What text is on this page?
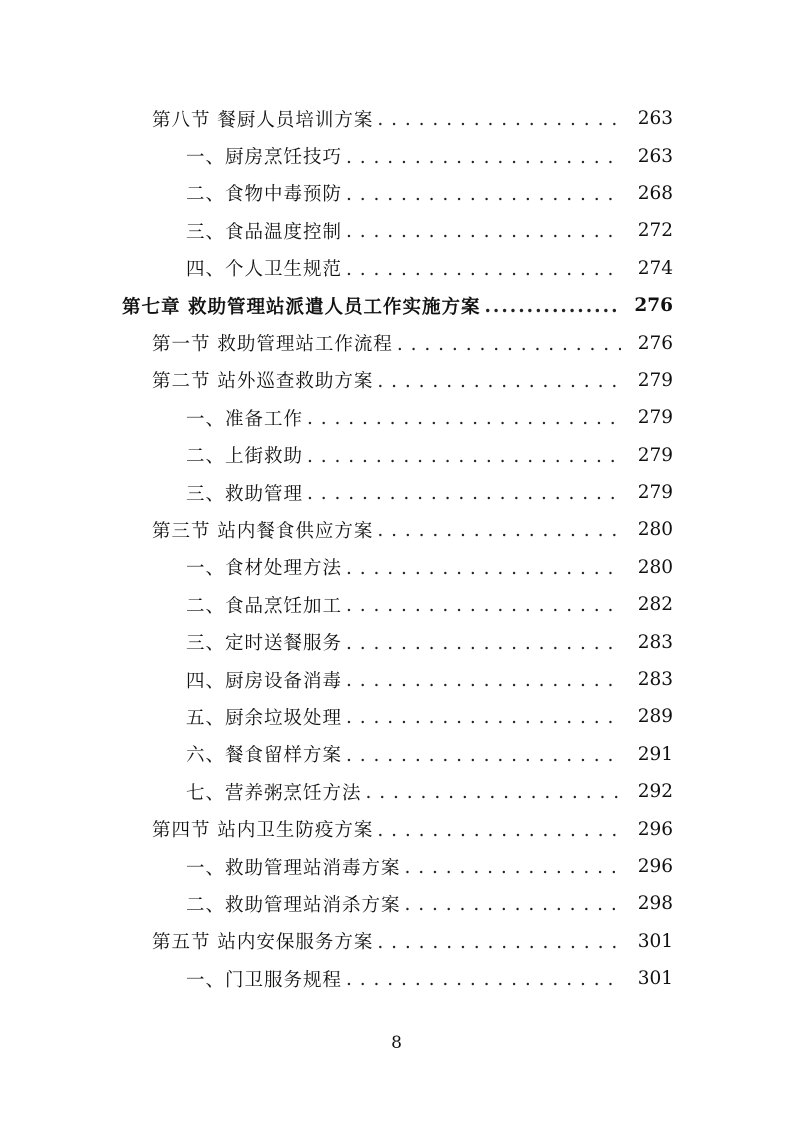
第八节 餐厨人员培训方案 . . .	263
一、厨房烹饪技巧 . . .	263
二、食物中毒预防 . . .	268
三、食品温度控制 . . .	272
四、个人卫生规范 . . .	274
第七章 救助管理站派遣人员工作实施方案 .....	276
第一节 救助管理站工作流程 . . .	276
第二节 站外巡查救助方案 . . .	279
一、准备工作 . . .	279
二、上街救助 . . .	279
三、救助管理 . . .	279
第三节 站内餐食供应方案 . . .	280
一、食材处理方法 . . .	280
二、食品烹饪加工 . . .	282
三、定时送餐服务 . . .	283
四、厨房设备消毒 . . .	283
五、厨余垃圾处理 . . .	289
六、餐食留样方案 . . .	291
七、营养粥烹饪方法 . . .	292
第四节 站内卫生防疫方案 . . .	296
一、救助管理站消毒方案 . . .	296
二、救助管理站消杀方案 . . .	298
第五节 站内安保服务方案 . . .	301
一、门卫服务规程 . . .	301
8
